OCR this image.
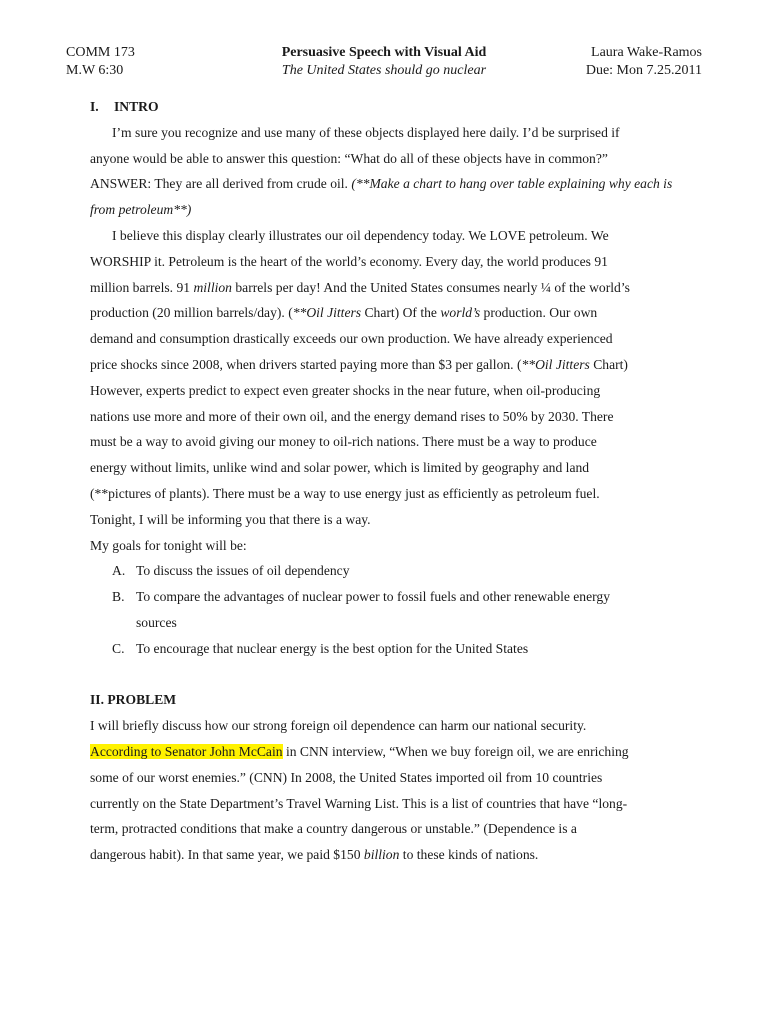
COMM 173
M.W 6:30
Persuasive Speech with Visual Aid
The United States should go nuclear
Laura Wake-Ramos
Due: Mon 7.25.2011

I. INTRO

I’m sure you recognize and use many of these objects displayed here daily. I’d be surprised if

anyone would be able to answer this question: “What do all of these objects have in common?”

ANSWER: They are all derived from crude oil. (**Make a chart to hang over table explaining why each is

from petroleum**)

I believe this display clearly illustrates our oil dependency today. We LOVE petroleum. We

WORSHIP it. Petroleum is the heart of the world’s economy. Every day, the world produces 91

million barrels. 91 million barrels per day! And the United States consumes nearly ¼ of the world’s

production (20 million barrels/day). (**Oil Jitters Chart) Of the world’s production. Our own

demand and consumption drastically exceeds our own production. We have already experienced

price shocks since 2008, when drivers started paying more than $3 per gallon. (**Oil Jitters Chart)

However, experts predict to expect even greater shocks in the near future, when oil-producing

nations use more and more of their own oil, and the energy demand rises to 50% by 2030. There

must be a way to avoid giving our money to oil-rich nations. There must be a way to produce

energy without limits, unlike wind and solar power, which is limited by geography and land

(**pictures of plants). There must be a way to use energy just as efficiently as petroleum fuel.

Tonight, I will be informing you that there is a way.

My goals for tonight will be:

A. To discuss the issues of oil dependency

B. To compare the advantages of nuclear power to fossil fuels and other renewable energy

sources

C. To encourage that nuclear energy is the best option for the United States

II. PROBLEM

I will briefly discuss how our strong foreign oil dependence can harm our national security.

According to Senator John McCain in CNN interview, “When we buy foreign oil, we are enriching

some of our worst enemies.” (CNN) In 2008, the United States imported oil from 10 countries

currently on the State Department’s Travel Warning List. This is a list of countries that have “long-

term, protracted conditions that make a country dangerous or unstable.” (Dependence is a

dangerous habit). In that same year, we paid $150 billion to these kinds of nations.
